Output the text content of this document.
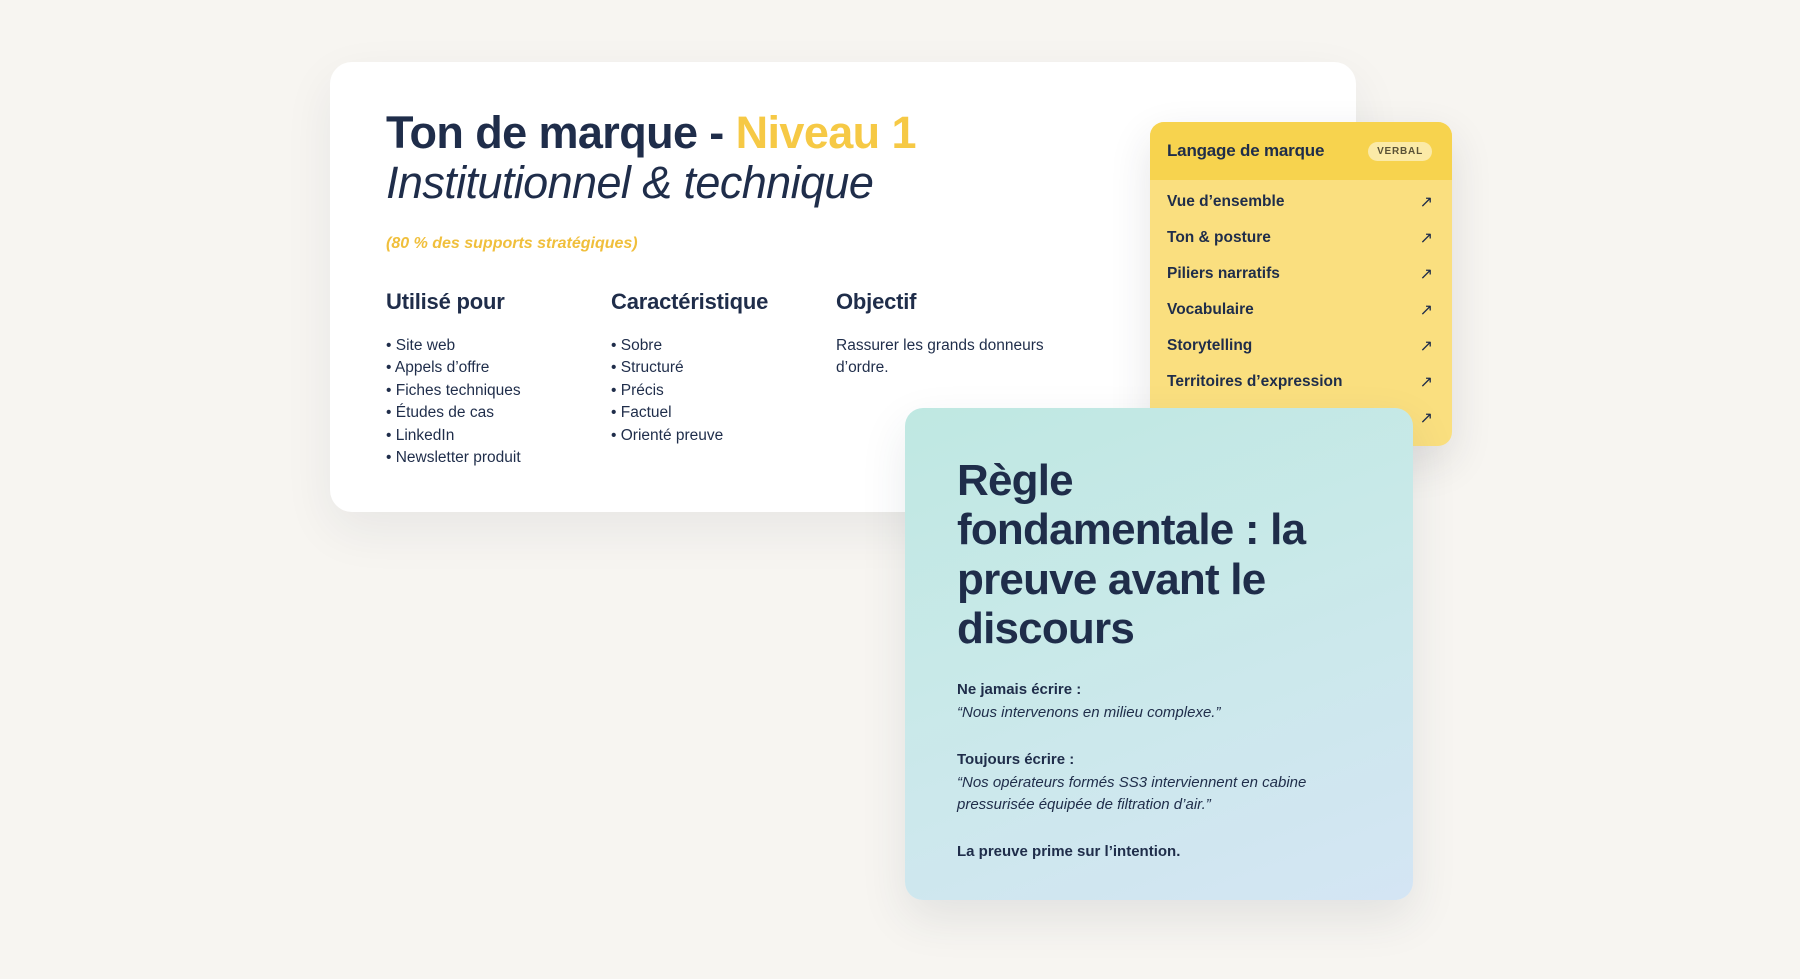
Ton de marque - Niveau 1
Institutionnel & technique
(80 % des supports stratégiques)
Utilisé pour
• Site web
• Appels d’offre
• Fiches techniques
• Études de cas
• LinkedIn
• Newsletter produit
Caractéristique
• Sobre
• Structuré
• Précis
• Factuel
• Orienté preuve
Objectif

Rassurer les grands donneurs d’ordre.

Langage de marque	VERBAL
Vue d’ensemble	↗
Ton & posture	↗
Piliers narratifs	↗
Vocabulaire	↗
Storytelling	↗
Territoires d’expression	↗
↗
Règle fondamentale : la preuve avant le discours

Ne jamais écrire :

“Nous intervenons en milieu complexe.”

Toujours écrire :

“Nos opérateurs formés SS3 interviennent en cabine pressurisée équipée de filtration d’air.”

La preuve prime sur l’intention.
